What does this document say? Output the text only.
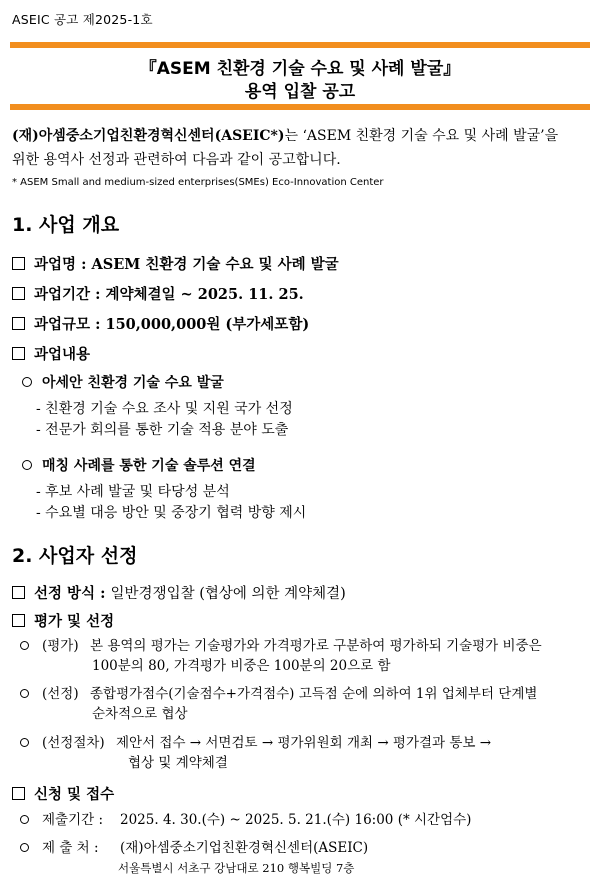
ASEIC 공고 제2025-1호
『ASEM 친환경 기술 수요 및 사례 발굴』
용역 입찰 공고
(재)아셈중소기업친환경혁신센터(ASEIC*)는 ‘ASEM 친환경 기술 수요 및 사례 발굴’을
위한 용역사 선정과 관련하여 다음과 같이 공고합니다.
* ASEM Small and medium-sized enterprises(SMEs) Eco-Innovation Center
1. 사업 개요
과업명 : ASEM 친환경 기술 수요 및 사례 발굴
과업기간 : 계약체결일 ~ 2025. 11. 25.
과업규모 : 150,000,000원 (부가세포함)
과업내용
아세안 친환경 기술 수요 발굴
- 친환경 기술 수요 조사 및 지원 국가 선정
- 전문가 회의를 통한 기술 적용 분야 도출
매칭 사례를 통한 기술 솔루션 연결
- 후보 사례 발굴 및 타당성 분석
- 수요별 대응 방안 및 중장기 협력 방향 제시
2. 사업자 선정
선정 방식 :
일반경쟁입찰 (협상에 의한 계약체결)
평가 및 선정
(평가) 본 용역의 평가는 기술평가와 가격평가로 구분하여 평가하되 기술평가 비중은
100분의 80, 가격평가 비중은 100분의 20으로 함
(선정) 종합평가점수(기술점수+가격점수) 고득점 순에 의하여 1위 업체부터 단계별
순차적으로 협상
(선정절차) 제안서 접수 → 서면검토 → 평가위원회 개최 → 평가결과 통보 →
협상 및 계약체결
신청 및 접수
제출기간 : 2025. 4. 30.(수) ~ 2025. 5. 21.(수) 16:00 (* 시간엄수)
제 출 처 : (재)아셈중소기업친환경혁신센터(ASEIC)
서울특별시 서초구 강남대로 210 행복빌딩 7층
